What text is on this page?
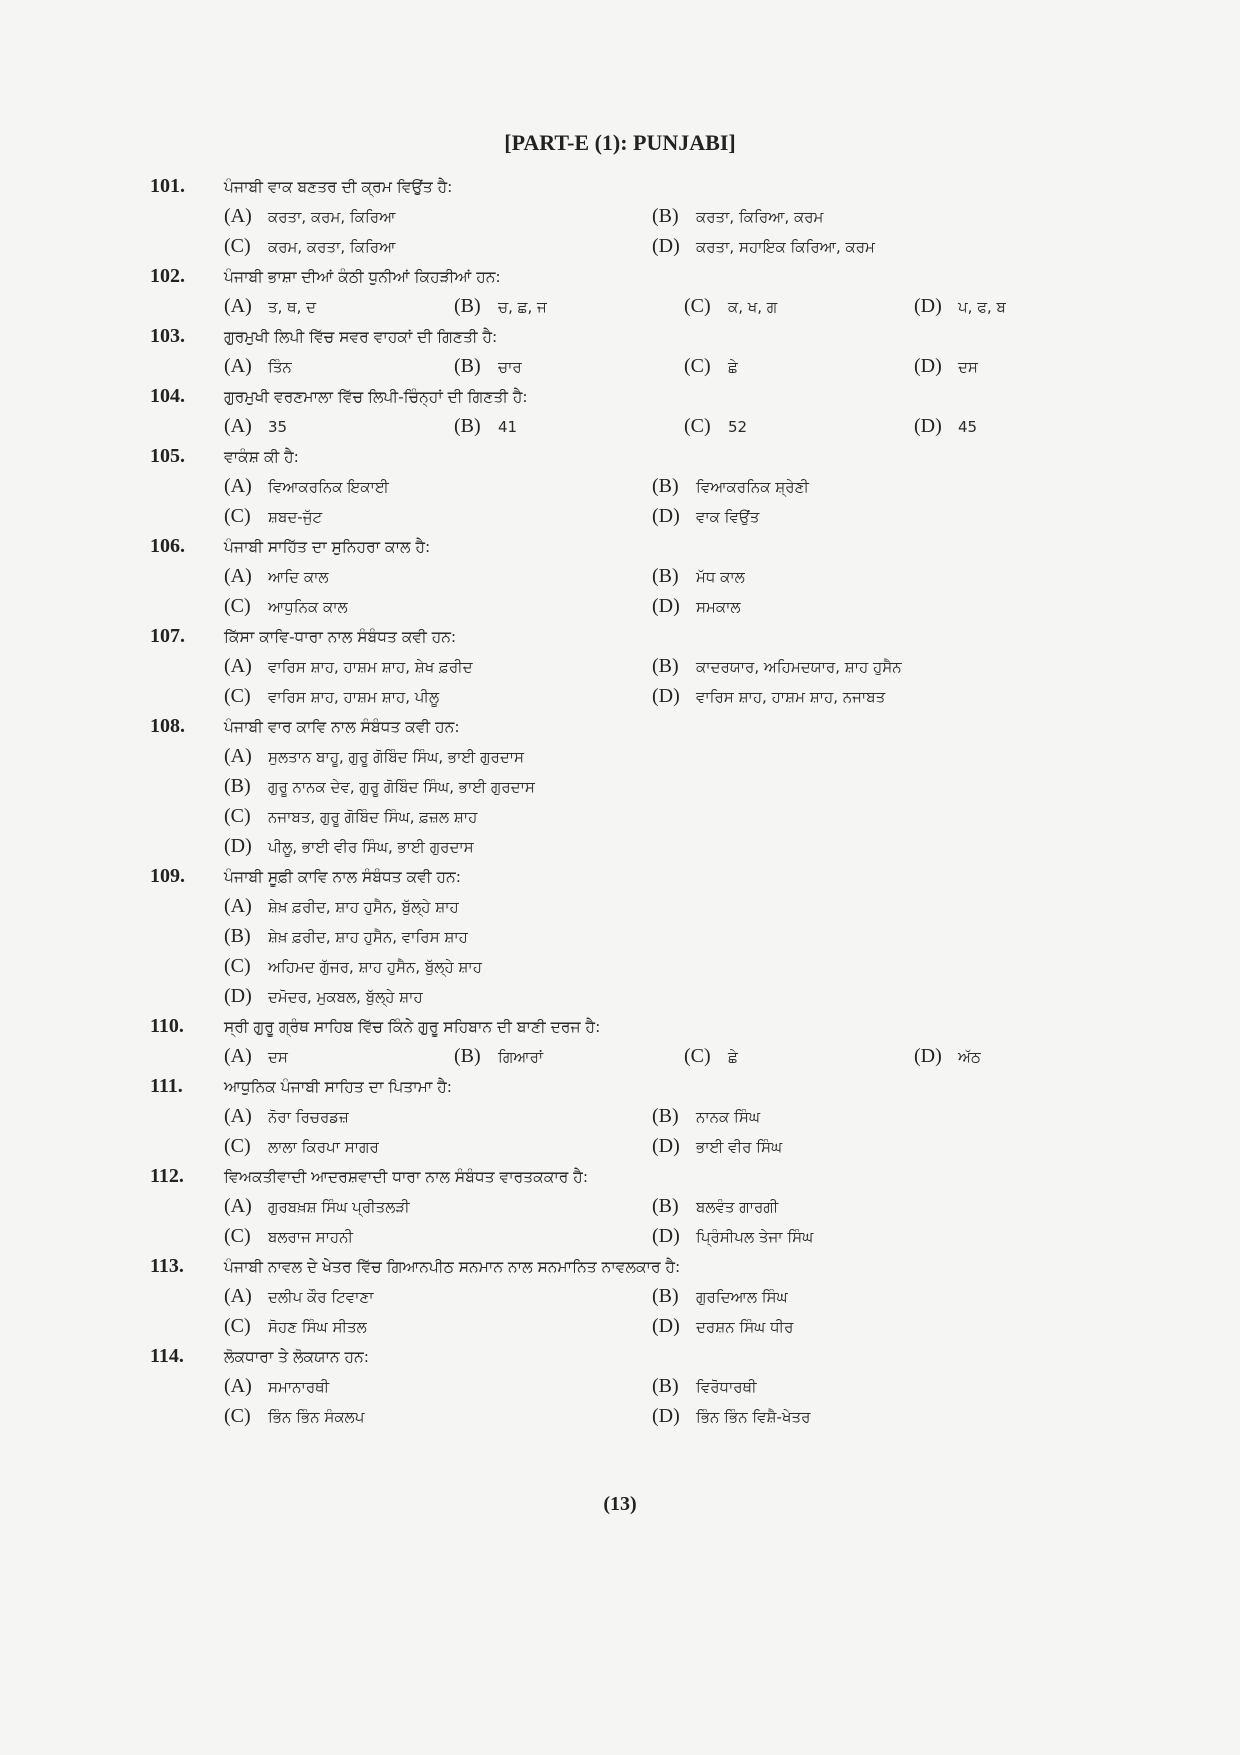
[PART-E (1): PUNJABI]
101.	ਪੰਜਾਬੀ ਵਾਕ ਬਣਤਰ ਦੀ ਕ੍ਰਮ ਵਿਉਂਤ ਹੈ:
(A)	ਕਰਤਾ, ਕਰਮ, ਕਿਰਿਆ	(B)	ਕਰਤਾ, ਕਿਰਿਆ, ਕਰਮ
(C)	ਕਰਮ, ਕਰਤਾ, ਕਿਰਿਆ	(D)	ਕਰਤਾ, ਸਹਾਇਕ ਕਿਰਿਆ, ਕਰਮ
102.	ਪੰਜਾਬੀ ਭਾਸ਼ਾ ਦੀਆਂ ਕੰਠੀ ਧੁਨੀਆਂ ਕਿਹੜੀਆਂ ਹਨ:
(A)	ਤ, ਥ, ਦ	(B)	ਚ, ਛ, ਜ	(C)	ਕ, ਖ, ਗ	(D)	ਪ, ਫ, ਬ
103.	ਗੁਰਮੁਖੀ ਲਿਪੀ ਵਿੱਚ ਸਵਰ ਵਾਹਕਾਂ ਦੀ ਗਿਣਤੀ ਹੈ:
(A)	ਤਿੰਨ	(B)	ਚਾਰ	(C)	ਛੇ	(D)	ਦਸ
104.	ਗੁਰਮੁਖੀ ਵਰਣਮਾਲਾ ਵਿੱਚ ਲਿਪੀ-ਚਿੰਨ੍ਹਾਂ ਦੀ ਗਿਣਤੀ ਹੈ:
(A)	35	(B)	41	(C)	52	(D)	45
105.	ਵਾਕੰਸ਼ ਕੀ ਹੈ:
(A)	ਵਿਆਕਰਨਿਕ ਇਕਾਈ	(B)	ਵਿਆਕਰਨਿਕ ਸ਼੍ਰੇਣੀ
(C)	ਸ਼ਬਦ-ਜੁੱਟ	(D)	ਵਾਕ ਵਿਉਂਤ
106.	ਪੰਜਾਬੀ ਸਾਹਿੱਤ ਦਾ ਸੁਨਿਹਰਾ ਕਾਲ ਹੈ:
(A)	ਆਦਿ ਕਾਲ	(B)	ਮੱਧ ਕਾਲ
(C)	ਆਧੁਨਿਕ ਕਾਲ	(D)	ਸਮਕਾਲ
107.	ਕਿੱਸਾ ਕਾਵਿ-ਧਾਰਾ ਨਾਲ ਸੰਬੰਧਤ ਕਵੀ ਹਨ:
(A)	ਵਾਰਿਸ ਸ਼ਾਹ, ਹਾਸ਼ਮ ਸ਼ਾਹ, ਸ਼ੇਖ ਫ਼ਰੀਦ	(B)	ਕਾਦਰਯਾਰ, ਅਹਿਮਦਯਾਰ, ਸ਼ਾਹ ਹੁਸੈਨ
(C)	ਵਾਰਿਸ ਸ਼ਾਹ, ਹਾਸ਼ਮ ਸ਼ਾਹ, ਪੀਲੂ	(D)	ਵਾਰਿਸ ਸ਼ਾਹ, ਹਾਸ਼ਮ ਸ਼ਾਹ, ਨਜਾਬਤ
108.	ਪੰਜਾਬੀ ਵਾਰ ਕਾਵਿ ਨਾਲ ਸੰਬੰਧਤ ਕਵੀ ਹਨ:
(A)	ਸੁਲਤਾਨ ਬਾਹੂ, ਗੁਰੂ ਗੋਬਿੰਦ ਸਿੰਘ, ਭਾਈ ਗੁਰਦਾਸ
(B)	ਗੁਰੂ ਨਾਨਕ ਦੇਵ, ਗੁਰੂ ਗੋਬਿੰਦ ਸਿੰਘ, ਭਾਈ ਗੁਰਦਾਸ
(C)	ਨਜਾਬਤ, ਗੁਰੂ ਗੋਬਿੰਦ ਸਿੰਘ, ਫ਼ਜ਼ਲ ਸ਼ਾਹ
(D)	ਪੀਲੂ, ਭਾਈ ਵੀਰ ਸਿੰਘ, ਭਾਈ ਗੁਰਦਾਸ
109.	ਪੰਜਾਬੀ ਸੂਫ਼ੀ ਕਾਵਿ ਨਾਲ ਸੰਬੰਧਤ ਕਵੀ ਹਨ:
(A)	ਸ਼ੇਖ਼ ਫ਼ਰੀਦ, ਸ਼ਾਹ ਹੁਸੈਨ, ਬੁੱਲ੍ਹੇ ਸ਼ਾਹ
(B)	ਸ਼ੇਖ਼ ਫ਼ਰੀਦ, ਸ਼ਾਹ ਹੁਸੈਨ, ਵਾਰਿਸ ਸ਼ਾਹ
(C)	ਅਹਿਮਦ ਗੁੱਜਰ, ਸ਼ਾਹ ਹੁਸੈਨ, ਬੁੱਲ੍ਹੇ ਸ਼ਾਹ
(D)	ਦਮੋਦਰ, ਮੁਕਬਲ, ਬੁੱਲ੍ਹੇ ਸ਼ਾਹ
110.	ਸ੍ਰੀ ਗੁਰੂ ਗ੍ਰੰਥ ਸਾਹਿਬ ਵਿੱਚ ਕਿੰਨੇ ਗੁਰੂ ਸਹਿਬਾਨ ਦੀ ਬਾਣੀ ਦਰਜ ਹੈ:
(A)	ਦਸ	(B)	ਗਿਆਰਾਂ	(C)	ਛੇ	(D)	ਅੱਠ
111.	ਆਧੁਨਿਕ ਪੰਜਾਬੀ ਸਾਹਿਤ ਦਾ ਪਿਤਾਮਾ ਹੈ:
(A)	ਨੋਰਾ ਰਿਚਰਡਜ਼	(B)	ਨਾਨਕ ਸਿੰਘ
(C)	ਲਾਲਾ ਕਿਰਪਾ ਸਾਗਰ	(D)	ਭਾਈ ਵੀਰ ਸਿੰਘ
112.	ਵਿਅਕਤੀਵਾਦੀ ਆਦਰਸ਼ਵਾਦੀ ਧਾਰਾ ਨਾਲ ਸੰਬੰਧਤ ਵਾਰਤਕਕਾਰ ਹੈ:
(A)	ਗੁਰਬਖ਼ਸ਼ ਸਿੰਘ ਪ੍ਰੀਤਲੜੀ	(B)	ਬਲਵੰਤ ਗਾਰਗੀ
(C)	ਬਲਰਾਜ ਸਾਹਨੀ	(D)	ਪ੍ਰਿੰਸੀਪਲ ਤੇਜਾ ਸਿੰਘ
113.	ਪੰਜਾਬੀ ਨਾਵਲ ਦੇ ਖੇਤਰ ਵਿੱਚ ਗਿਆਨਪੀਠ ਸਨਮਾਨ ਨਾਲ ਸਨਮਾਨਿਤ ਨਾਵਲਕਾਰ ਹੈ:
(A)	ਦਲੀਪ ਕੌਰ ਟਿਵਾਣਾ	(B)	ਗੁਰਦਿਆਲ ਸਿੰਘ
(C)	ਸੋਹਣ ਸਿੰਘ ਸੀਤਲ	(D)	ਦਰਸ਼ਨ ਸਿੰਘ ਧੀਰ
114.	ਲੋਕਧਾਰਾ ਤੇ ਲੋਕਯਾਨ ਹਨ:
(A)	ਸਮਾਨਾਰਥੀ	(B)	ਵਿਰੋਧਾਰਥੀ
(C)	ਭਿੰਨ ਭਿੰਨ ਸੰਕਲਪ	(D)	ਭਿੰਨ ਭਿੰਨ ਵਿਸ਼ੈ-ਖੇਤਰ
(13)
